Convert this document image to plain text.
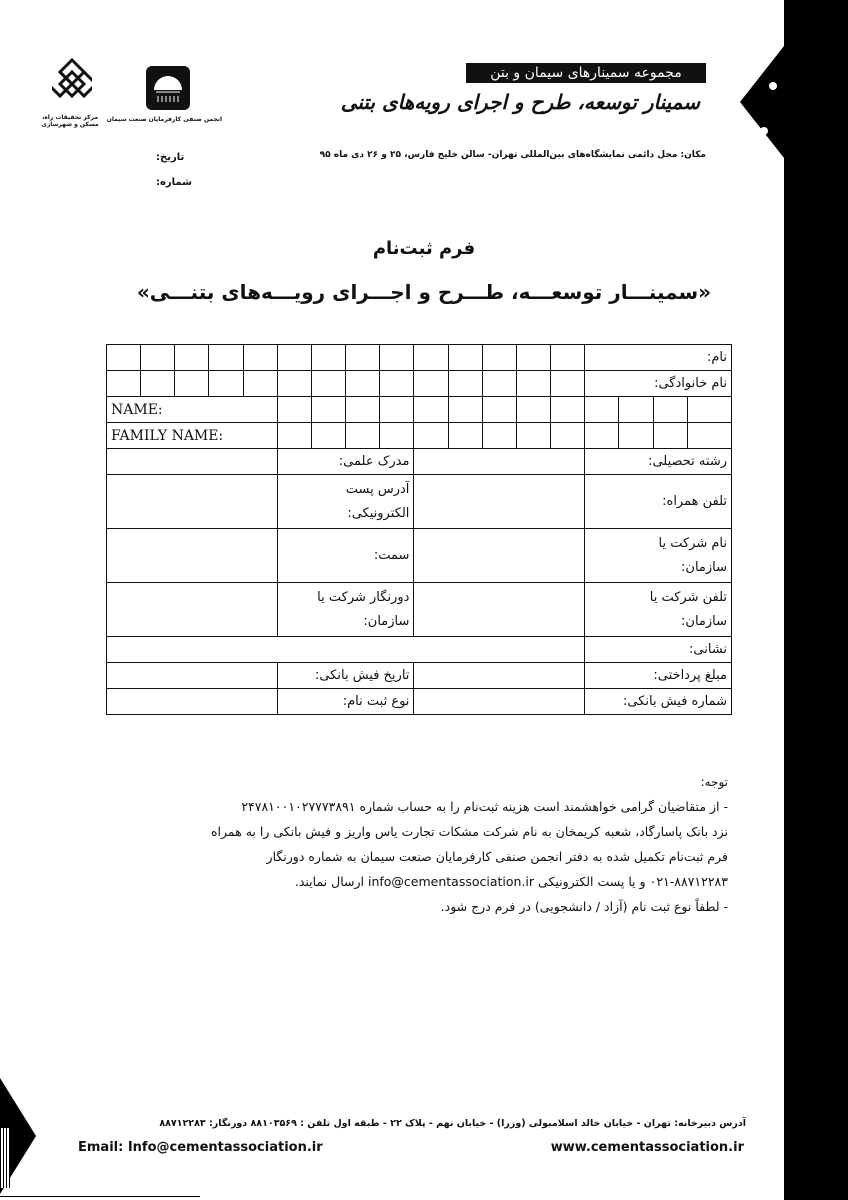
مرکز تحقیقات راه، مسکن و شهرسازی
انجمن صنفی کارفرمایان صنعت سیمان
مجموعه سمینارهای سیمان و بتن
سمینار توسعه، طرح و اجرای رویه‌های بتنی
مکان: محل دائمی نمایشگاه‌های بین‌المللی تهران- سالن خلیج فارس، ۲۵ و ۲۶ دی ماه ۹۵
تاریخ:
شماره:
فرم ثبت‌نام
«سمینـــار توسعـــه، طـــرح و اجـــرای رویـــه‌های بتنـــی»
														نام:			
														نام خانوادگی:			
NAME:																	
FAMILY NAME:																	
					مدرک علمی:									رشته تحصیلی:			
					آدرس پست
الکترونیکی:									تلفن همراه:			
					سمت:									نام شرکت یا
سازمان:			
					دورنگار شرکت یا
سازمان:									تلفن شرکت یا
سازمان:			
														نشانی:			
					تاریخ فیش بانکی:									مبلغ پرداختی:			
					نوع ثبت نام:									شماره فیش بانکی:			
توجه:
- از متقاضیان گرامی خواهشمند است هزینه ثبت‌نام را به حساب شماره ۲۴۷۸۱۰۰۱۰۲۷۷۷۳۸۹۱
نزد بانک پاسارگاد، شعبه کریمخان به نام شرکت مشکات تجارت یاس واریز و فیش بانکی را به همراه
فرم ثبت‌نام تکمیل شده به دفتر انجمن صنفی کارفرمایان صنعت سیمان به شماره دورنگار
۰۲۱-۸۸۷۱۲۲۸۳ و یا پست الکترونیکی info@cementassociation.ir ارسال نمایند.
- لطفاً نوع ثبت نام (آزاد / دانشجویی) در فرم درج شود.
آدرس دبیرخانه: تهران - خیابان خالد اسلامبولی (وزرا) - خیابان نهم - پلاک ۲۲ - طبقه اول تلفن : ۸۸۱۰۳۵۶۹ دورنگار: ۸۸۷۱۲۲۸۳
Email: Info@cementassociation.ir	www.cementassociation.ir
